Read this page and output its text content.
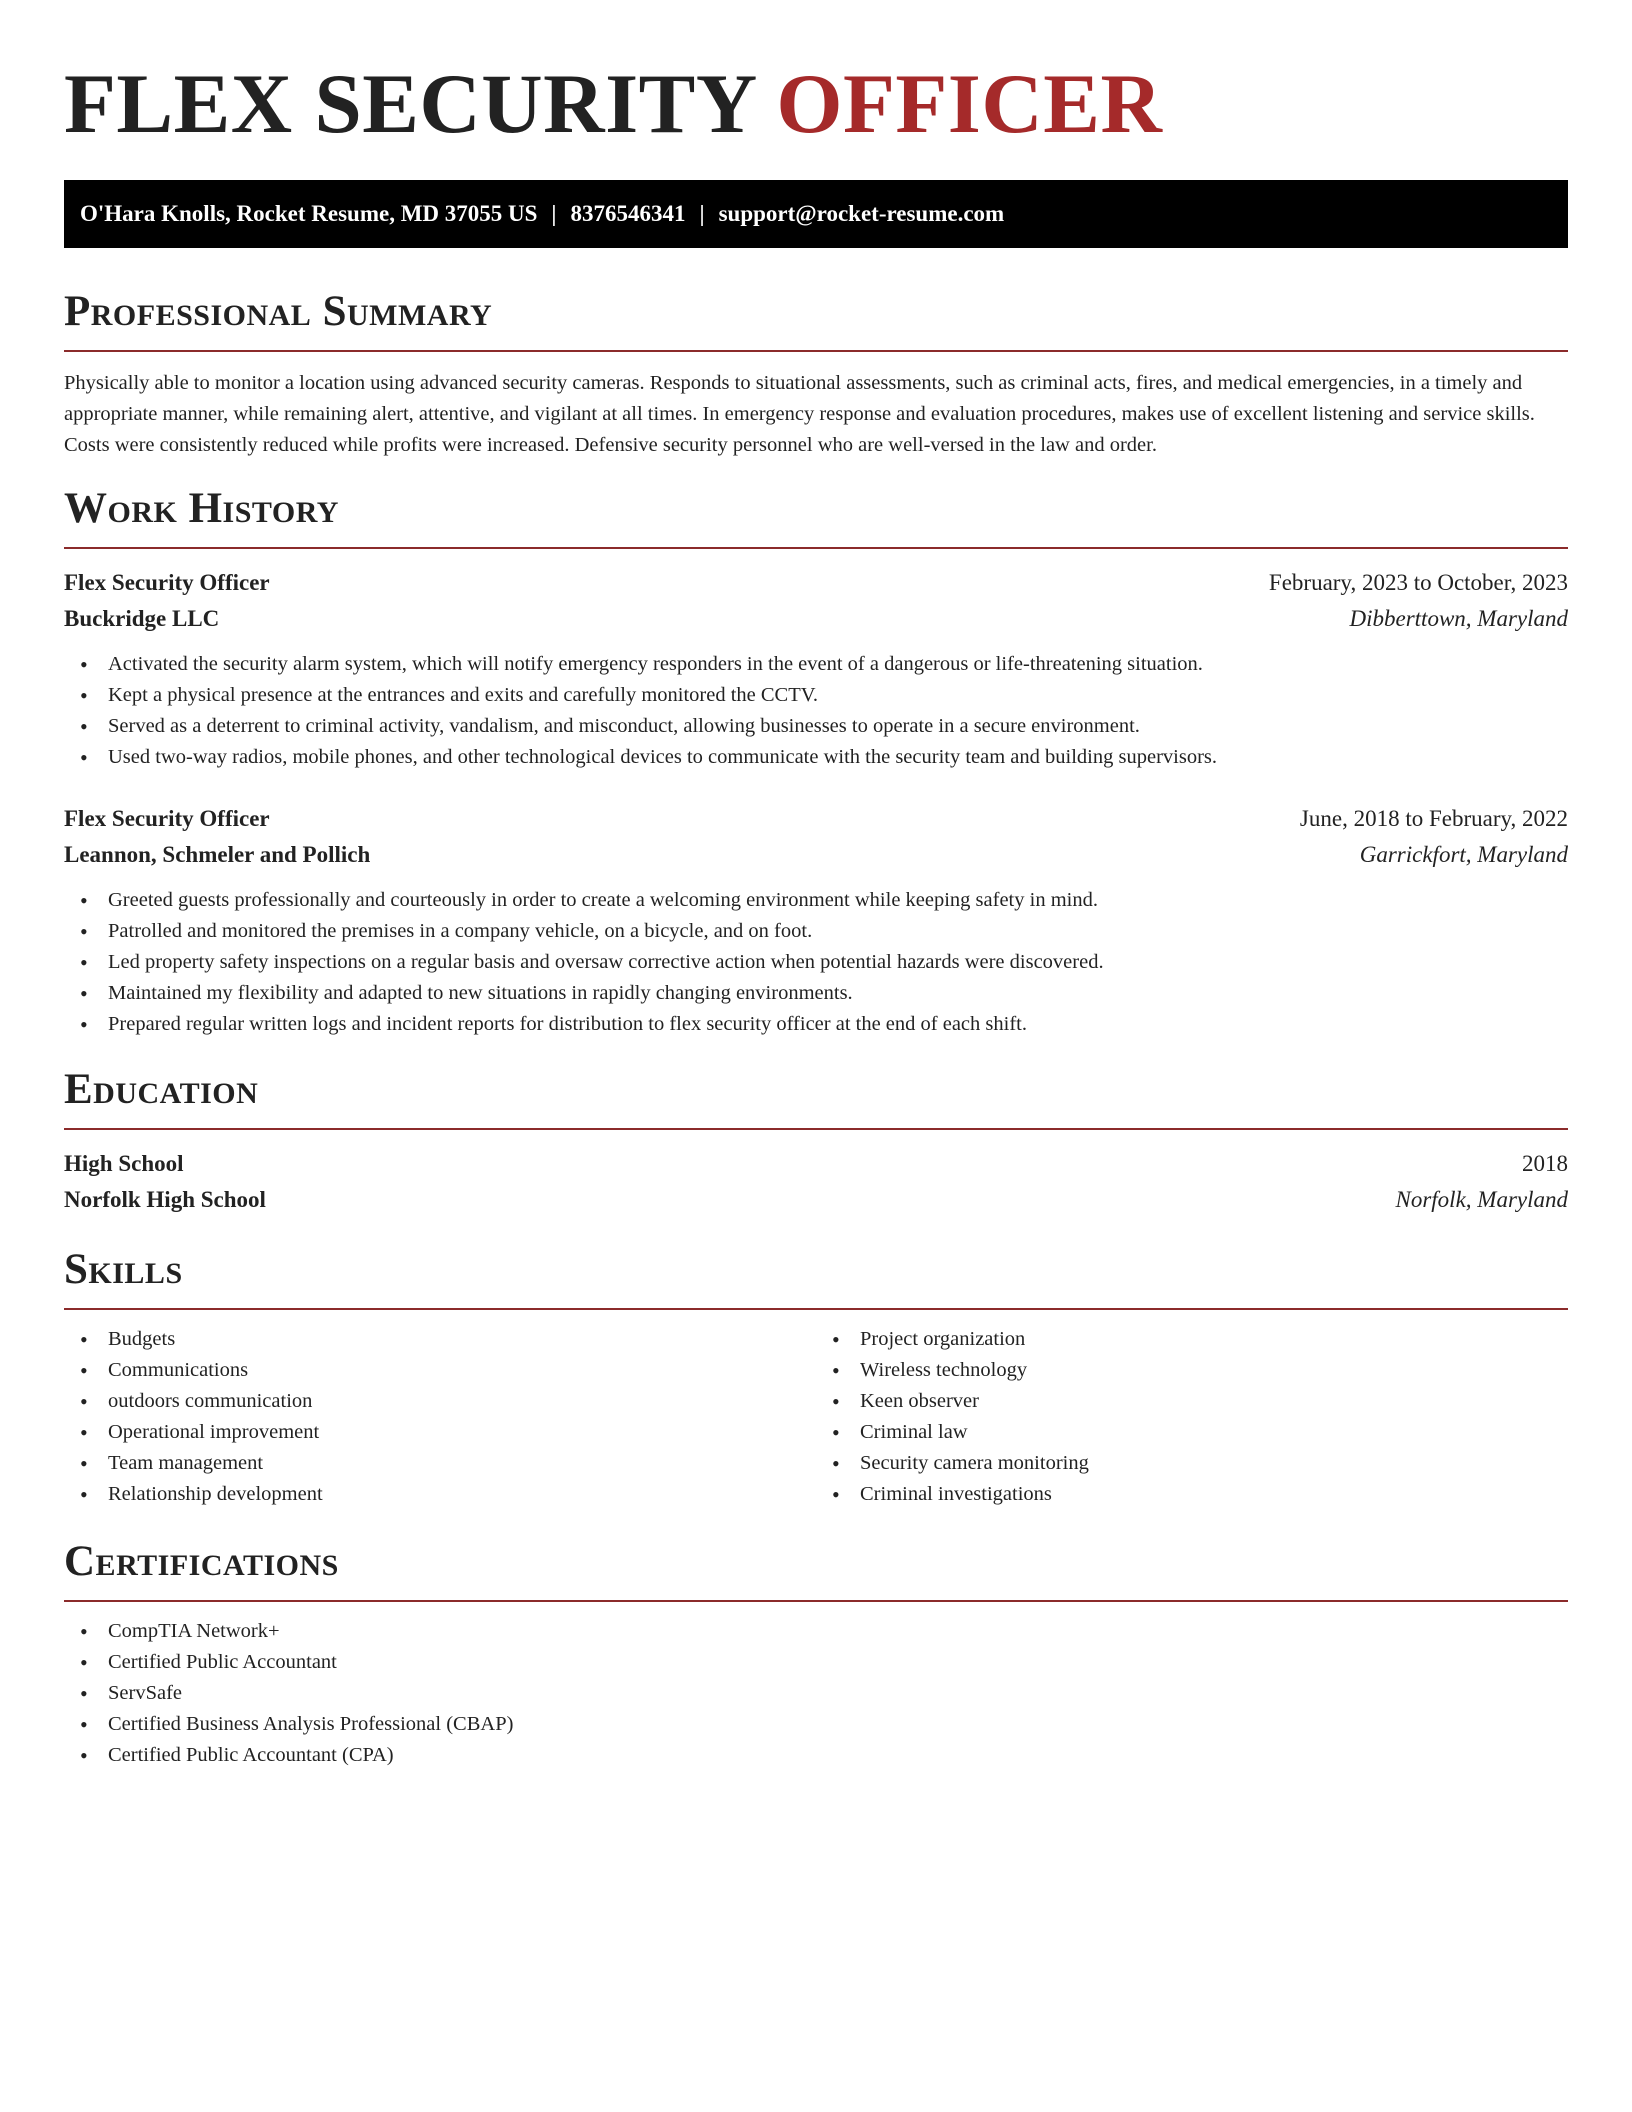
FLEX SECURITY OFFICER
O'Hara Knolls, Rocket Resume, MD 37055 US | 8376546341 | support@rocket-resume.com
Professional Summary

Physically able to monitor a location using advanced security cameras. Responds to situational assessments, such as criminal acts, fires, and medical emergencies, in a timely and appropriate manner, while remaining alert, attentive, and vigilant at all times. In emergency response and evaluation procedures, makes use of excellent listening and service skills. Costs were consistently reduced while profits were increased. Defensive security personnel who are well-versed in the law and order.

Work History
Flex Security Officer	February, 2023 to October, 2023
Buckridge LLC	Dibberttown, Maryland
• Activated the security alarm system, which will notify emergency responders in the event of a dangerous or life-threatening situation.
• Kept a physical presence at the entrances and exits and carefully monitored the CCTV.
• Served as a deterrent to criminal activity, vandalism, and misconduct, allowing businesses to operate in a secure environment.
• Used two-way radios, mobile phones, and other technological devices to communicate with the security team and building supervisors.
Flex Security Officer	June, 2018 to February, 2022
Leannon, Schmeler and Pollich	Garrickfort, Maryland
• Greeted guests professionally and courteously in order to create a welcoming environment while keeping safety in mind.
• Patrolled and monitored the premises in a company vehicle, on a bicycle, and on foot.
• Led property safety inspections on a regular basis and oversaw corrective action when potential hazards were discovered.
• Maintained my flexibility and adapted to new situations in rapidly changing environments.
• Prepared regular written logs and incident reports for distribution to flex security officer at the end of each shift.
Education
High School	2018
Norfolk High School	Norfolk, Maryland
Skills
• Budgets
• Communications
• outdoors communication
• Operational improvement
• Team management
• Relationship development
• Project organization
• Wireless technology
• Keen observer
• Criminal law
• Security camera monitoring
• Criminal investigations
Certifications
• CompTIA Network+
• Certified Public Accountant
• ServSafe
• Certified Business Analysis Professional (CBAP)
• Certified Public Accountant (CPA)
